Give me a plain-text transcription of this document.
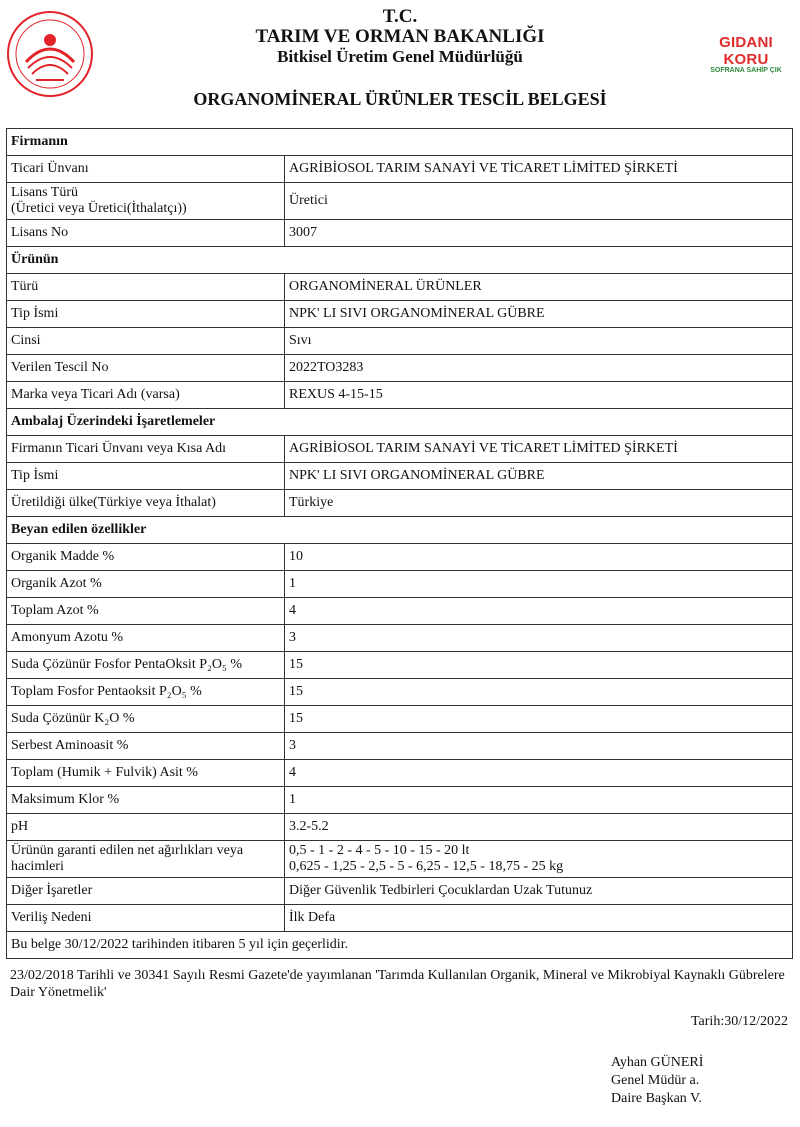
T.C.
TARIM VE ORMAN BAKANLIĞI
Bitkisel Üretim Genel Müdürlüğü
ORGANOMİNERAL ÜRÜNLER TESCİL BELGESİ
GIDANI KORU
SOFRANA SAHİP ÇIK
Firmanın	
Ticari Ünvanı	AGRİBİOSOL TARIM SANAYİ VE TİCARET LİMİTED ŞİRKETİ

Lisans Türü
(Üretici veya Üretici(İthalatçı))	Üretici
Lisans No	3007
Ürünün	
Türü	ORGANOMİNERAL ÜRÜNLER
Tip İsmi	NPK' LI SIVI ORGANOMİNERAL GÜBRE
Cinsi	Sıvı
Verilen Tescil No	2022TO3283
Marka veya Ticari Adı (varsa)	REXUS 4-15-15
Ambalaj Üzerindeki İşaretlemeler	
Firmanın Ticari Ünvanı veya Kısa Adı	AGRİBİOSOL TARIM SANAYİ VE TİCARET LİMİTED ŞİRKETİ
Tip İsmi	NPK' LI SIVI ORGANOMİNERAL GÜBRE
Üretildiği ülke(Türkiye veya İthalat)	Türkiye
Beyan edilen özellikler	
Organik Madde %	10
Organik Azot %	1
Toplam Azot %	4
Amonyum Azotu %	3
Suda Çözünür Fosfor PentaOksit P₂O₅ %	15
Toplam Fosfor Pentaoksit P₂O₅ %	15
Suda Çözünür K₂O %	15
Serbest Aminoasit %	3
Toplam (Humik + Fulvik) Asit %	4
Maksimum Klor %	1
pH	3.2-5.2
Ürünün garanti edilen net ağırlıkları veya hacimleri	0,5 - 1 - 2 - 4 - 5 - 10 - 15 - 20 lt
0,625 - 1,25 - 2,5 - 5 - 6,25 - 12,5 - 18,75 - 25 kg

Diğer İşaretler	Diğer Güvenlik Tedbirleri Çocuklardan Uzak Tutunuz
Veriliş Nedeni	İlk Defa
Bu belge 30/12/2022 tarihinden itibaren 5 yıl için geçerlidir.	
23/02/2018 Tarihli ve 30341 Sayılı Resmi Gazete'de yayımlanan 'Tarımda Kullanılan Organik, Mineral ve Mikrobiyal Kaynaklı Gübrelere Dair Yönetmelik'
Tarih:30/12/2022
Ayhan GÜNERİ
Genel Müdür a.
Daire Başkan V.
